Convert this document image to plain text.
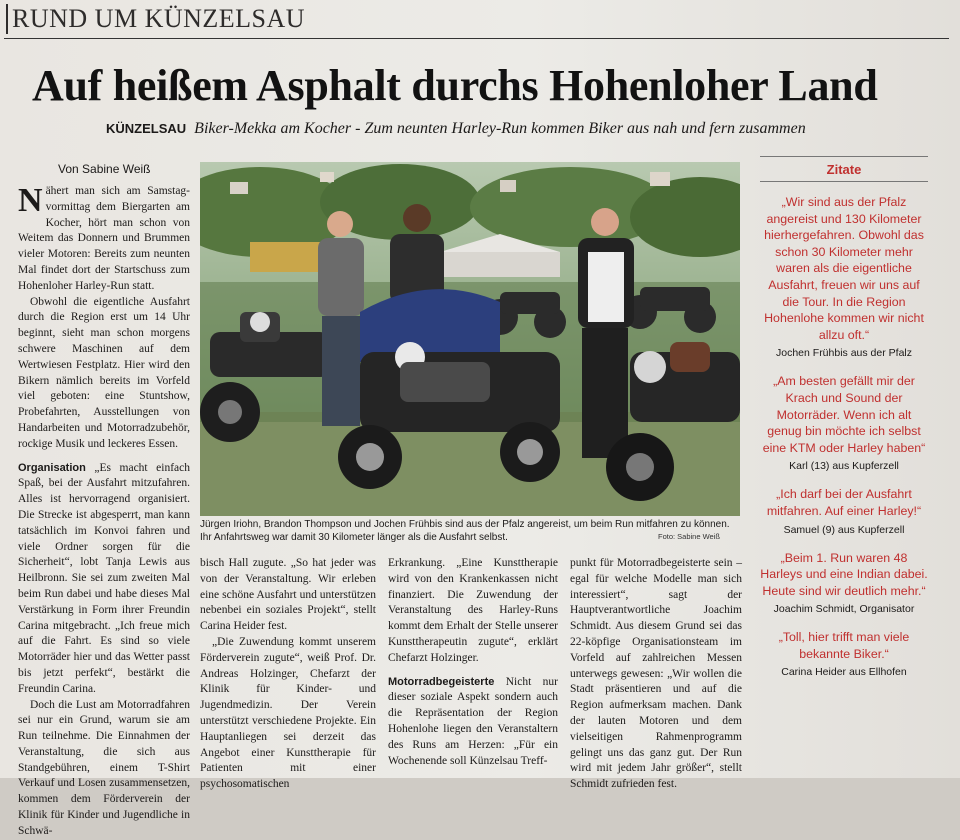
RUND UM KÜNZELSAU
Auf heißem Asphalt durchs Hohenloher Land
KÜNZELSAU Biker-Mekka am Kocher - Zum neunten Harley-Run kommen Biker aus nah und fern zusammen
Von Sabine Weiß

Nähert man sich am Samstag-vormittag dem Biergarten am Kocher, hört man schon von Weitem das Donnern und Brummen vieler Motoren: Bereits zum neunten Mal findet dort der Startschuss zum Hohenloher Harley-Run statt.

Obwohl die eigentliche Ausfahrt durch die Region erst um 14 Uhr beginnt, sieht man schon morgens schwere Maschinen auf dem Wertwiesen Festplatz. Hier wird den Bikern nämlich bereits im Vorfeld viel geboten: eine Stuntshow, Probefahrten, Ausstellungen von Handarbeiten und Motorradzubehör, rockige Musik und leckeres Essen.

Organisation „Es macht einfach Spaß, bei der Ausfahrt mitzufahren. Alles ist hervorragend organisiert. Die Strecke ist abgesperrt, man kann tatsächlich im Konvoi fahren und viele Ordner sorgen für die Sicherheit“, lobt Tanja Lewis aus Heilbronn. Sie sei zum zweiten Mal beim Run dabei und habe dieses Mal Verstärkung in Form ihrer Freundin Carina mitgebracht. „Ich freue mich auf die Fahrt. Es sind so viele Motorräder hier und das Wetter passt bis jetzt perfekt“, bestärkt die Freundin Carina.

Doch die Lust am Motorradfahren sei nur ein Grund, warum sie am Run teilnehme. Die Einnahmen der Veranstaltung, die sich aus Standgebühren, einem T-Shirt Verkauf und Losen zusammensetzen, kommen dem Förderverein der Klinik für Kinder und Jugendliche in Schwä-

Jürgen Iriohn, Brandon Thompson und Jochen Frühbis sind aus der Pfalz angereist, um beim Run mitfahren zu können. Ihr Anfahrtsweg war damit 30 Kilometer länger als die Ausfahrt selbst.	Foto: Sabine Weiß

bisch Hall zugute. „So hat jeder was von der Veranstaltung. Wir erleben eine schöne Ausfahrt und unterstützen nebenbei ein soziales Projekt“, stellt Carina Heider fest.

„Die Zuwendung kommt unserem Förderverein zugute“, weiß Prof. Dr. Andreas Holzinger, Chefarzt der Klinik für Kinder- und Jugendmedizin. Der Verein unterstützt verschiedene Projekte. Ein Hauptanliegen sei derzeit das Angebot einer Kunsttherapie für Patienten mit einer psychosomatischen

Erkrankung. „Eine Kunsttherapie wird von den Krankenkassen nicht finanziert. Die Zuwendung der Veranstaltung des Harley-Runs kommt dem Erhalt der Stelle unserer Kunsttherapeutin zugute“, erklärt Chefarzt Holzinger.

Motorradbegeisterte Nicht nur dieser soziale Aspekt sondern auch die Repräsentation der Region Hohenlohe liegen den Veranstaltern des Runs am Herzen: „Für ein Wochenende soll Künzelsau Treff-

punkt für Motorradbegeisterte sein – egal für welche Modelle man sich interessiert“, sagt der Hauptverantwortliche Joachim Schmidt. Aus diesem Grund sei das 22-köpfige Organisationsteam im Vorfeld auf zahlreichen Messen unterwegs gewesen: „Wir wollen die Stadt präsentieren und auf die Region aufmerksam machen. Dank der lauten Motoren und dem vielseitigen Rahmenprogramm gelingt uns das ganz gut. Der Run wird mit jedem Jahr größer“, stellt Schmidt zufrieden fest.

Zitate
„Wir sind aus der Pfalz angereist und 130 Kilometer hierhergefahren. Obwohl das schon 30 Kilometer mehr waren als die eigentliche Ausfahrt, freuen wir uns auf die Tour. In die Region Hohenlohe kommen wir nicht allzu oft.“
Jochen Frühbis aus der Pfalz
„Am besten gefällt mir der Krach und Sound der Motorräder. Wenn ich alt genug bin möchte ich selbst eine KTM oder Harley haben“
Karl (13) aus Kupferzell
„Ich darf bei der Ausfahrt mitfahren. Auf einer Harley!“
Samuel (9) aus Kupferzell
„Beim 1. Run waren 48 Harleys und eine Indian dabei. Heute sind wir deutlich mehr.“
Joachim Schmidt, Organisator
„Toll, hier trifft man viele bekannte Biker.“
Carina Heider aus Ellhofen
